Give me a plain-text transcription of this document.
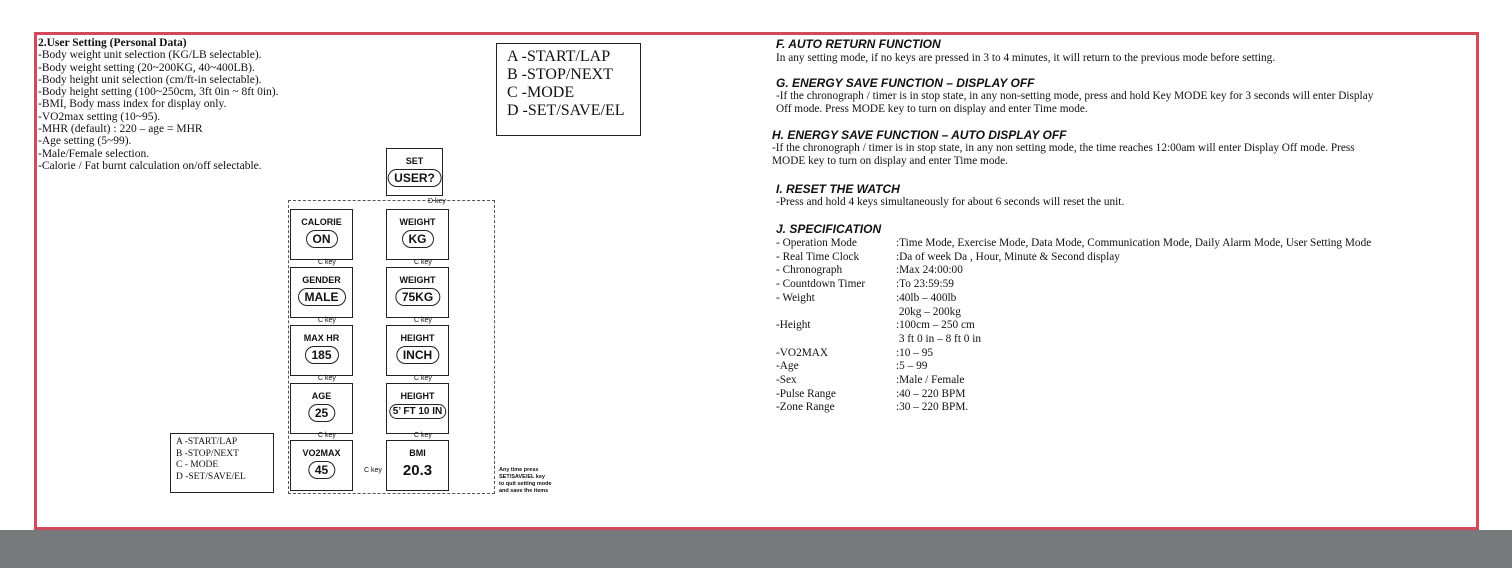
2.User Setting (Personal Data)
-Body weight unit selection (KG/LB selectable).
-Body weight setting (20~200KG, 40~400LB).
-Body height unit selection (cm/ft-in selectable).
-Body height setting (100~250cm, 3ft 0in ~ 8ft 0in).
-BMI, Body mass index for display only.
-VO2max setting (10~95).
-MHR (default) : 220 – age = MHR
-Age setting (5~99).
-Male/Female selection.
-Calorie / Fat burnt calculation on/off selectable.
A -START/LAP
B -STOP/NEXT
C -MODE
D -SET/SAVE/EL
A -START/LAP
B -STOP/NEXT
C - MODE
D -SET/SAVE/EL
SET
USER?
D key
CALORIE
ON
GENDER
MALE
MAX HR
185
AGE
25
VO2MAX
45
WEIGHT
KG
WEIGHT
75KG
HEIGHT
INCH
HEIGHT
5’ FT 10 IN
BMI
20.3
C key
C key
C key
C key
C key
C key
C key
C key
C key	Any time press
SET/SAVE/EL key
to quit setting mode
and save the items
F. AUTO RETURN FUNCTION
In any setting mode, if no keys are pressed in 3 to 4 minutes, it will return to the previous mode before setting.
G. ENERGY SAVE FUNCTION – DISPLAY OFF
-If the chronograph / timer is in stop state, in any non-setting mode, press and hold Key MODE key for 3 seconds will enter Display
Off mode. Press MODE key to turn on display and enter Time mode.
H. ENERGY SAVE FUNCTION – AUTO DISPLAY OFF
-If the chronograph / timer is in stop state, in any non setting mode, the time reaches 12:00am will enter Display Off mode. Press
MODE key to turn on display and enter Time mode.
I. RESET THE WATCH
-Press and hold 4 keys simultaneously for about 6 seconds will reset the unit.
J. SPECIFICATION
- Operation Mode	:Time Mode, Exercise Mode, Data Mode, Communication Mode, Daily Alarm Mode, User Setting Mode
- Real Time Clock	:Da of week Da , Hour, Minute & Second display
- Chronograph	:Max 24:00:00
- Countdown Timer	:To 23:59:59
- Weight	:40lb – 400lb
20kg – 200kg
-Height	:100cm – 250 cm
3 ft 0 in – 8 ft 0 in
-VO2MAX	:10 – 95
-Age	:5 – 99
-Sex	:Male / Female
-Pulse Range	:40 – 220 BPM
-Zone Range	:30 – 220 BPM.
